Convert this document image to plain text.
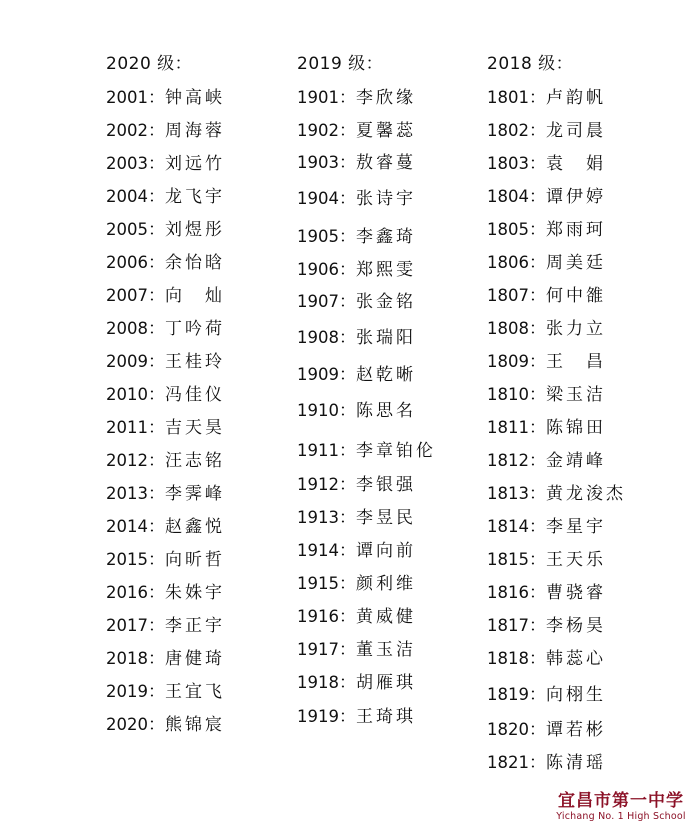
2020 级：
2001：钟高峡
2002：周海蓉
2003：刘远竹
2004：龙飞宇
2005：刘煜彤
2006：余怡晗
2007：向　灿
2008：丁吟荷
2009：王桂玲
2010：冯佳仪
2011：吉天昊
2012：汪志铭
2013：李霁峰
2014：赵鑫悦
2015：向昕哲
2016：朱姝宇
2017：李正宇
2018：唐健琦
2019：王宜飞
2020：熊锦宸
2019 级：
1901：李欣缘
1902：夏馨蕊
1903：敖睿蔓
1904：张诗宇
1905：李鑫琦
1906：郑熙雯
1907：张金铭
1908：张瑞阳
1909：赵乾晰
1910：陈思名
1911：李章铂伦
1912：李银强
1913：李昱民
1914：谭向前
1915：颜利维
1916：黄威健
1917：董玉洁
1918：胡雁琪
1919：王琦琪
2018 级：
1801：卢韵帆
1802：龙司晨
1803：袁　娟
1804：谭伊婷
1805：郑雨珂
1806：周美廷
1807：何中雒
1808：张力立
1809：王　昌
1810：梁玉洁
1811：陈锦田
1812：金靖峰
1813：黄龙浚杰
1814：李星宇
1815：王天乐
1816：曹骁睿
1817：李杨昊
1818：韩蕊心
1819：向栩生
1820：谭若彬
1821：陈清瑶
宜昌市第一中学
Yichang No. 1 High School
